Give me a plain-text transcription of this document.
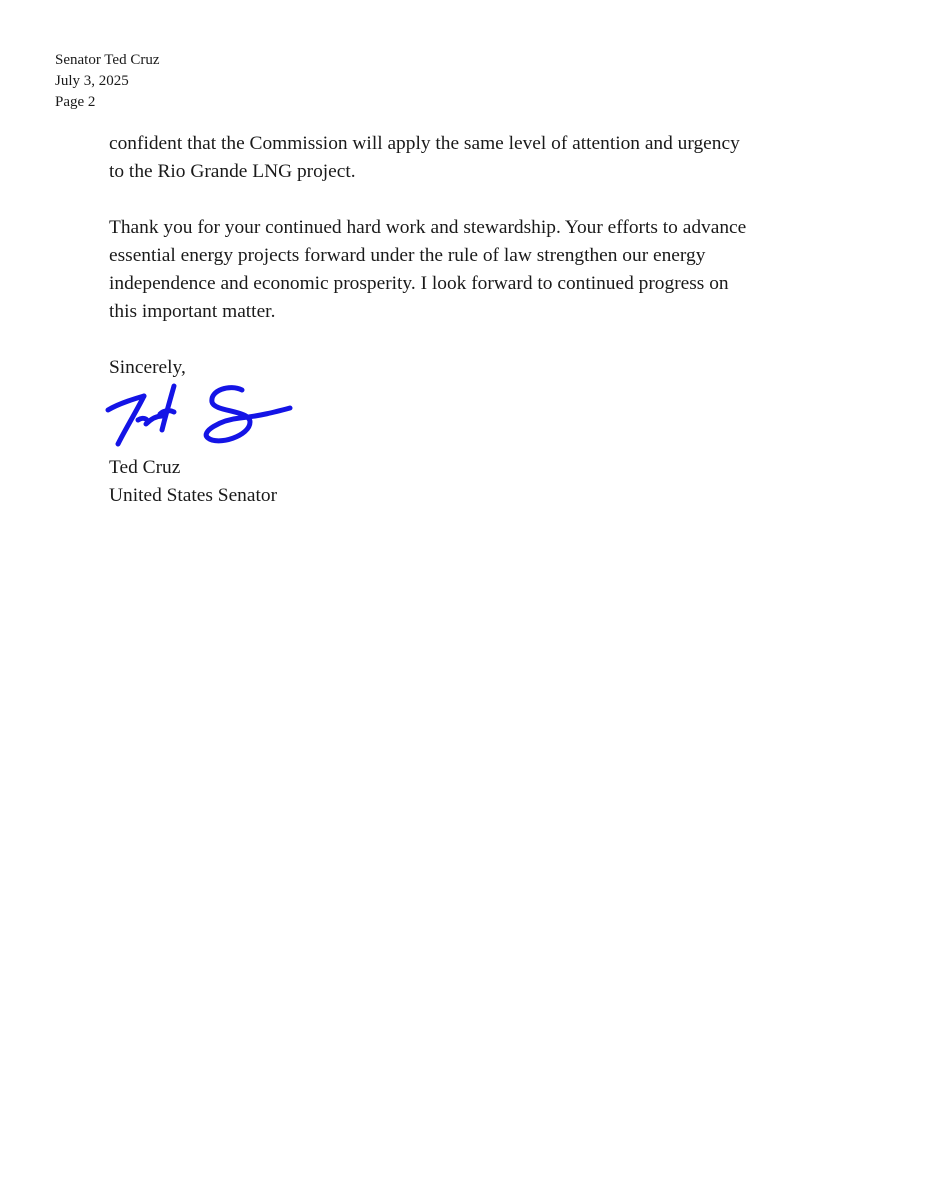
Senator Ted Cruz
July 3, 2025
Page 2

confident that the Commission will apply the same level of attention and urgency
to the Rio Grande LNG project.

Thank you for your continued hard work and stewardship. Your efforts to advance
essential energy projects forward under the rule of law strengthen our energy
independence and economic prosperity. I look forward to continued progress on
this important matter.

Sincerely,

Ted Cruz
United States Senator
